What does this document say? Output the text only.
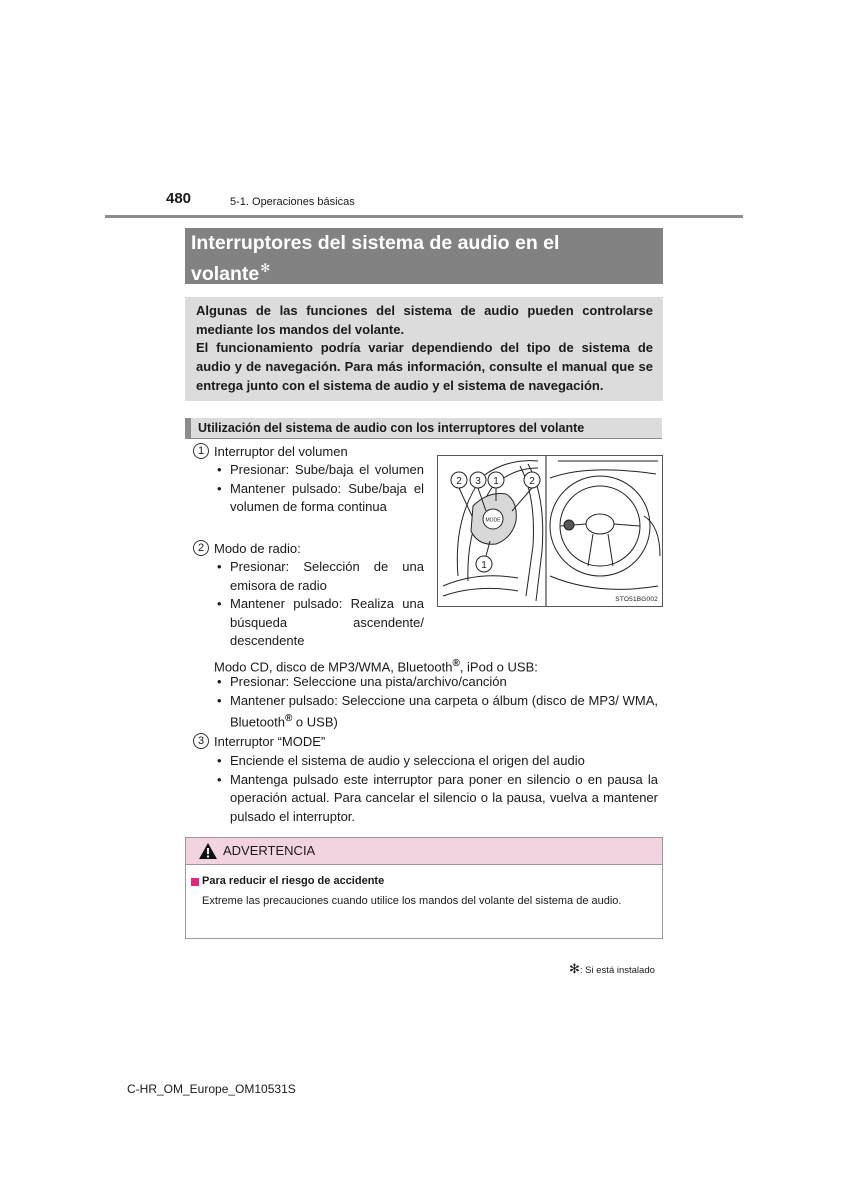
480	5-1. Operaciones básicas
Interruptores del sistema de audio en el
volante✻

Algunas de las funciones del sistema de audio pueden controlarse mediante los mandos del volante.

El funcionamiento podría variar dependiendo del tipo de sistema de audio y de navegación. Para más información, consulte el manual que se entrega junto con el sistema de audio y el sistema de navegación.

Utilización del sistema de audio con los interruptores del volante
1 Interruptor del volumen
• Presionar: Sube/baja el volumen
• Mantener pulsado: Sube/baja el volumen de forma continua
2 Modo de radio:
• Presionar: Selección de una emisora de radio
• Mantener pulsado: Realiza una búsqueda ascendente/ descendente
Modo CD, disco de MP3/WMA, Bluetooth®, iPod o USB:
• Presionar: Seleccione una pista/archivo/canción
• Mantener pulsado: Seleccione una carpeta o álbum (disco de MP3/ WMA, Bluetooth® o USB)
3 Interruptor “MODE”
• Enciende el sistema de audio y selecciona el origen del audio
• Mantenga pulsado este interruptor para poner en silencio o en pausa la operación actual. Para cancelar el silencio o la pausa, vuelva a mantener pulsado el interruptor.
MODE
2 3 1	2
1
STO51BG002
ADVERTENCIA
Para reducir el riesgo de accidente
Extreme las precauciones cuando utilice los mandos del volante del sistema de audio.
✻: Si está instalado
C-HR_OM_Europe_OM10531S
